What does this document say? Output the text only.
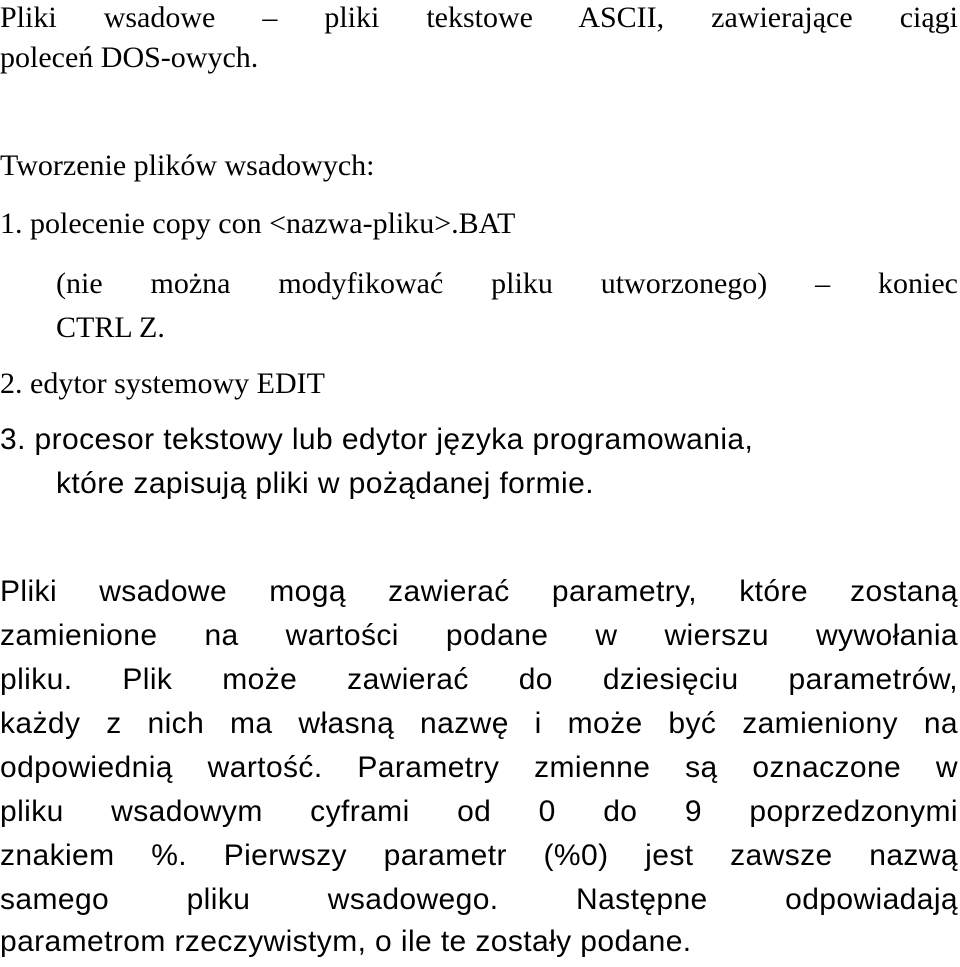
Pliki wsadowe – pliki tekstowe ASCII, zawierające ciągi

poleceń DOS-owych.

Tworzenie plików wsadowych:

1. polecenie copy con <nazwa-pliku>.BAT

(nie można modyfikować pliku utworzonego) – koniec

CTRL Z.

2. edytor systemowy EDIT

3. procesor tekstowy lub edytor języka programowania,

które zapisują pliki w pożądanej formie.

Pliki wsadowe mogą zawierać parametry, które zostaną

zamienione na wartości podane w wierszu wywołania

pliku. Plik może zawierać do dziesięciu parametrów,

każdy z nich ma własną nazwę i może być zamieniony na

odpowiednią wartość. Parametry zmienne są oznaczone w

pliku wsadowym cyframi od 0 do 9 poprzedzonymi

znakiem %. Pierwszy parametr (%0) jest zawsze nazwą

samego pliku wsadowego. Następne odpowiadają

parametrom rzeczywistym, o ile te zostały podane.
